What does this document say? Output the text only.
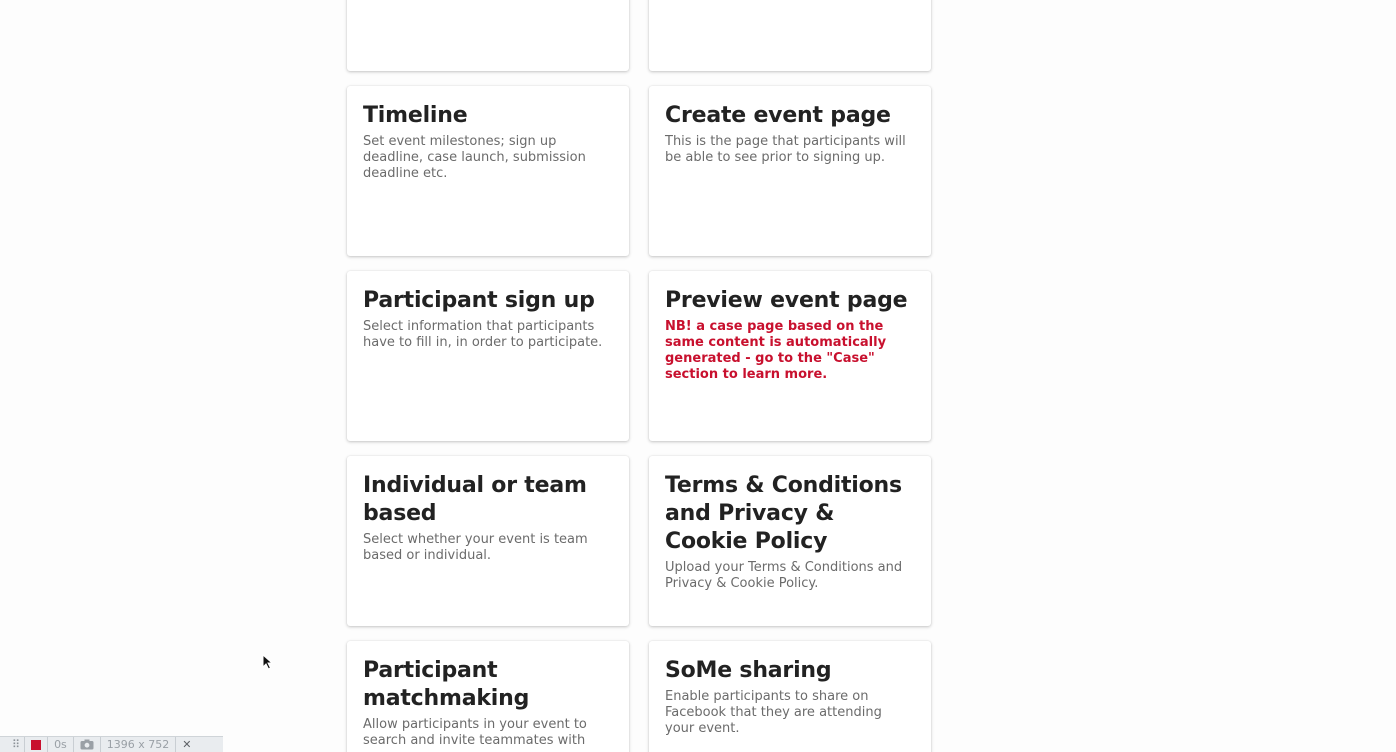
Timeline

Set event milestones; sign up deadline, case launch, submission deadline etc.

Create event page

This is the page that participants will be able to see prior to signing up.

Participant sign up

Select information that participants have to fill in, in order to participate.

Preview event page

NB! a case page based on the same content is automatically generated - go to the "Case" section to learn more.

Individual or team based

Select whether your event is team based or individual.

Terms & Conditions and Privacy & Cookie Policy

Upload your Terms & Conditions and Privacy & Cookie Policy.

Participant matchmaking

Allow participants in your event to search and invite teammates with

SoMe sharing

Enable participants to share on Facebook that they are attending your event.

⠿	0s	1396 x 752	✕
